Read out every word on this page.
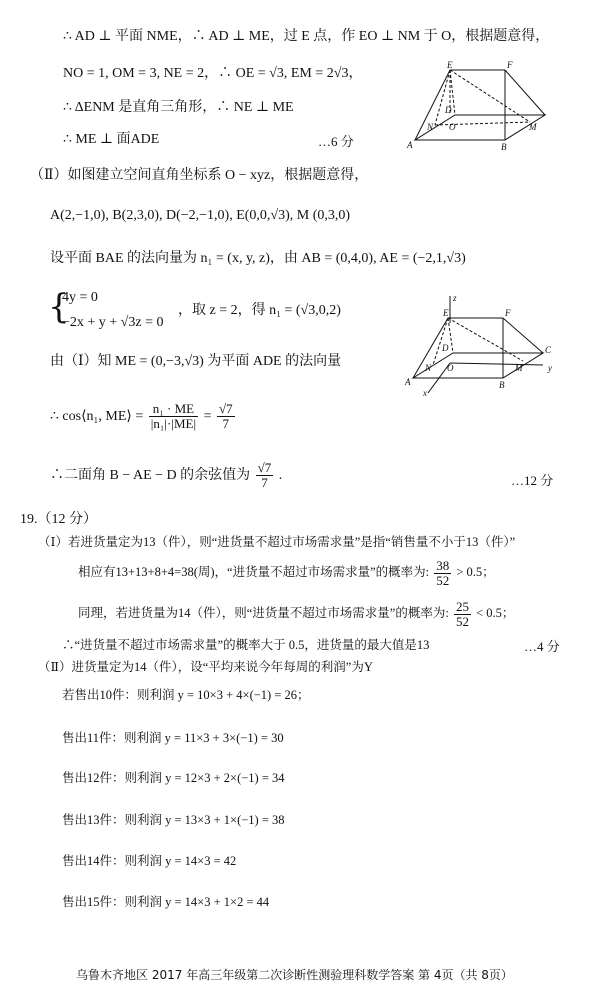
∴ AD ⊥ 平面 NME，∴ AD ⊥ ME，过 E 点，作 EO ⊥ NM 于 O，根据题意得，
NO = 1, OM = 3, NE = 2，∴ OE = √3, EM = 2√3，
∴ ΔENM 是直角三角形，∴ NE ⊥ ME
∴ ME ⊥ 面ADE	…6 分
E	F
D
N O	M
A	B
（Ⅱ）如图建立空间直角坐标系 O − xyz，根据题意得，
A(2,−1,0), B(2,3,0), D(−2,−1,0), E(0,0,√3), M (0,3,0)
设平面 BAE 的法向量为 n₁ = (x, y, z)，由 AB = (0,4,0), AE = (−2,1,√3)
{
4y = 0
−2x + y + √3z = 0
，取 z = 2，得 n₁ = (√3,0,2)
z
E	F
D	C
N O	M	y
A	B
x
由（Ⅰ）知 ME = (0,−3,√3) 为平面 ADE 的法向量
∴ cos⟨n₁, ME⟩ = $\frac{\text{n₁ · ME}}{\text{|n₁|·|ME|}} = \frac{√7}{7}$
∴二面角 B − AE − D 的余弦值为 $\frac{√7}{7}$ .	…12 分
19.（12 分）
（Ⅰ）若进货量定为13（件），则“进货量不超过市场需求量”是指“销售量不小于13（件）”
相应有13+13+8+4=38(周)，“进货量不超过市场需求量”的概率为: $\frac{38}{52} > 0.5$；
同理，若进货量为14（件），则“进货量不超过市场需求量”的概率为: $\frac{25}{52} < 0.5$；
∴“进货量不超过市场需求量”的概率大于 0.5，进货量的最大值是13	…4 分
（Ⅱ）进货量定为14（件），设“平均来说今年每周的利润”为Y
若售出10件：则利润 y = 10×3 + 4×(−1) = 26；
售出11件：则利润 y = 11×3 + 3×(−1) = 30
售出12件：则利润 y = 12×3 + 2×(−1) = 34
售出13件：则利润 y = 13×3 + 1×(−1) = 38
售出14件：则利润 y = 14×3 = 42
售出15件：则利润 y = 14×3 + 1×2 = 44
乌鲁木齐地区 2017 年高三年级第二次诊断性测验理科数学答案 第 4页（共 8页）
